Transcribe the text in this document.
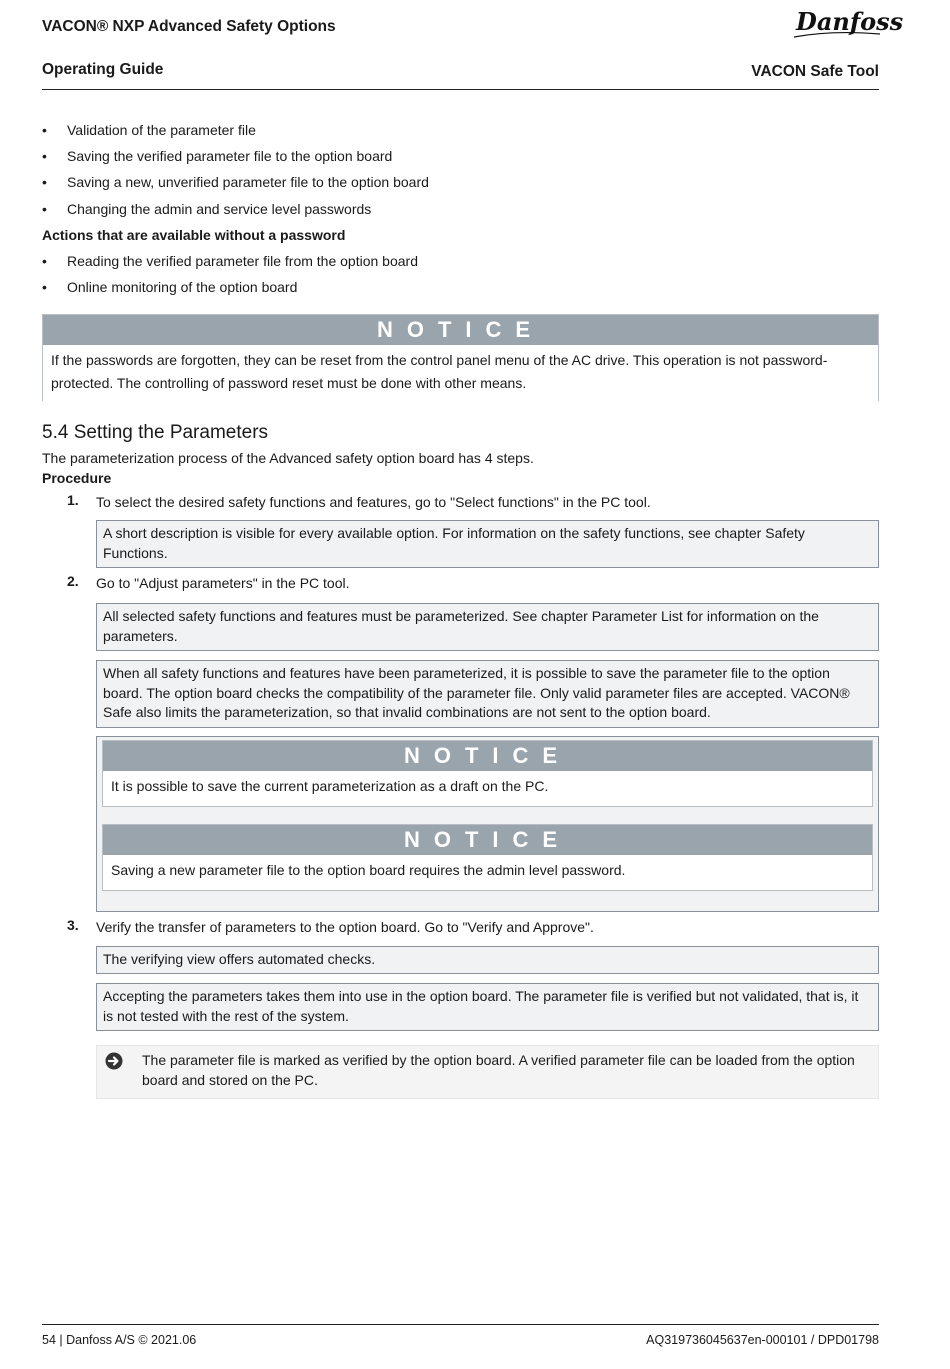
VACON® NXP Advanced Safety Options
Operating Guide	VACON Safe Tool
Danfoss
• Validation of the parameter file
• Saving the verified parameter file to the option board
• Saving a new, unverified parameter file to the option board
• Changing the admin and service level passwords
Actions that are available without a password
• Reading the verified parameter file from the option board
• Online monitoring of the option board
NOTICE
If the passwords are forgotten, they can be reset from the control panel menu of the AC drive. This operation is not password-protected. The controlling of password reset must be done with other means.
5.4 Setting the Parameters
The parameterization process of the Advanced safety option board has 4 steps.
Procedure
1. To select the desired safety functions and features, go to "Select functions" in the PC tool.
A short description is visible for every available option. For information on the safety functions, see chapter Safety Functions.
2. Go to "Adjust parameters" in the PC tool.
All selected safety functions and features must be parameterized. See chapter Parameter List for information on the parameters.
When all safety functions and features have been parameterized, it is possible to save the parameter file to the option board. The option board checks the compatibility of the parameter file. Only valid parameter files are accepted. VACON® Safe also limits the parameterization, so that invalid combinations are not sent to the option board.
NOTICE
It is possible to save the current parameterization as a draft on the PC.
NOTICE
Saving a new parameter file to the option board requires the admin level password.
3. Verify the transfer of parameters to the option board. Go to "Verify and Approve".
The verifying view offers automated checks.
Accepting the parameters takes them into use in the option board. The parameter file is verified but not validated, that is, it is not tested with the rest of the system.
The parameter file is marked as verified by the option board. A verified parameter file can be loaded from the option board and stored on the PC.
54 | Danfoss A/S © 2021.06	AQ319736045637en-000101 / DPD01798
